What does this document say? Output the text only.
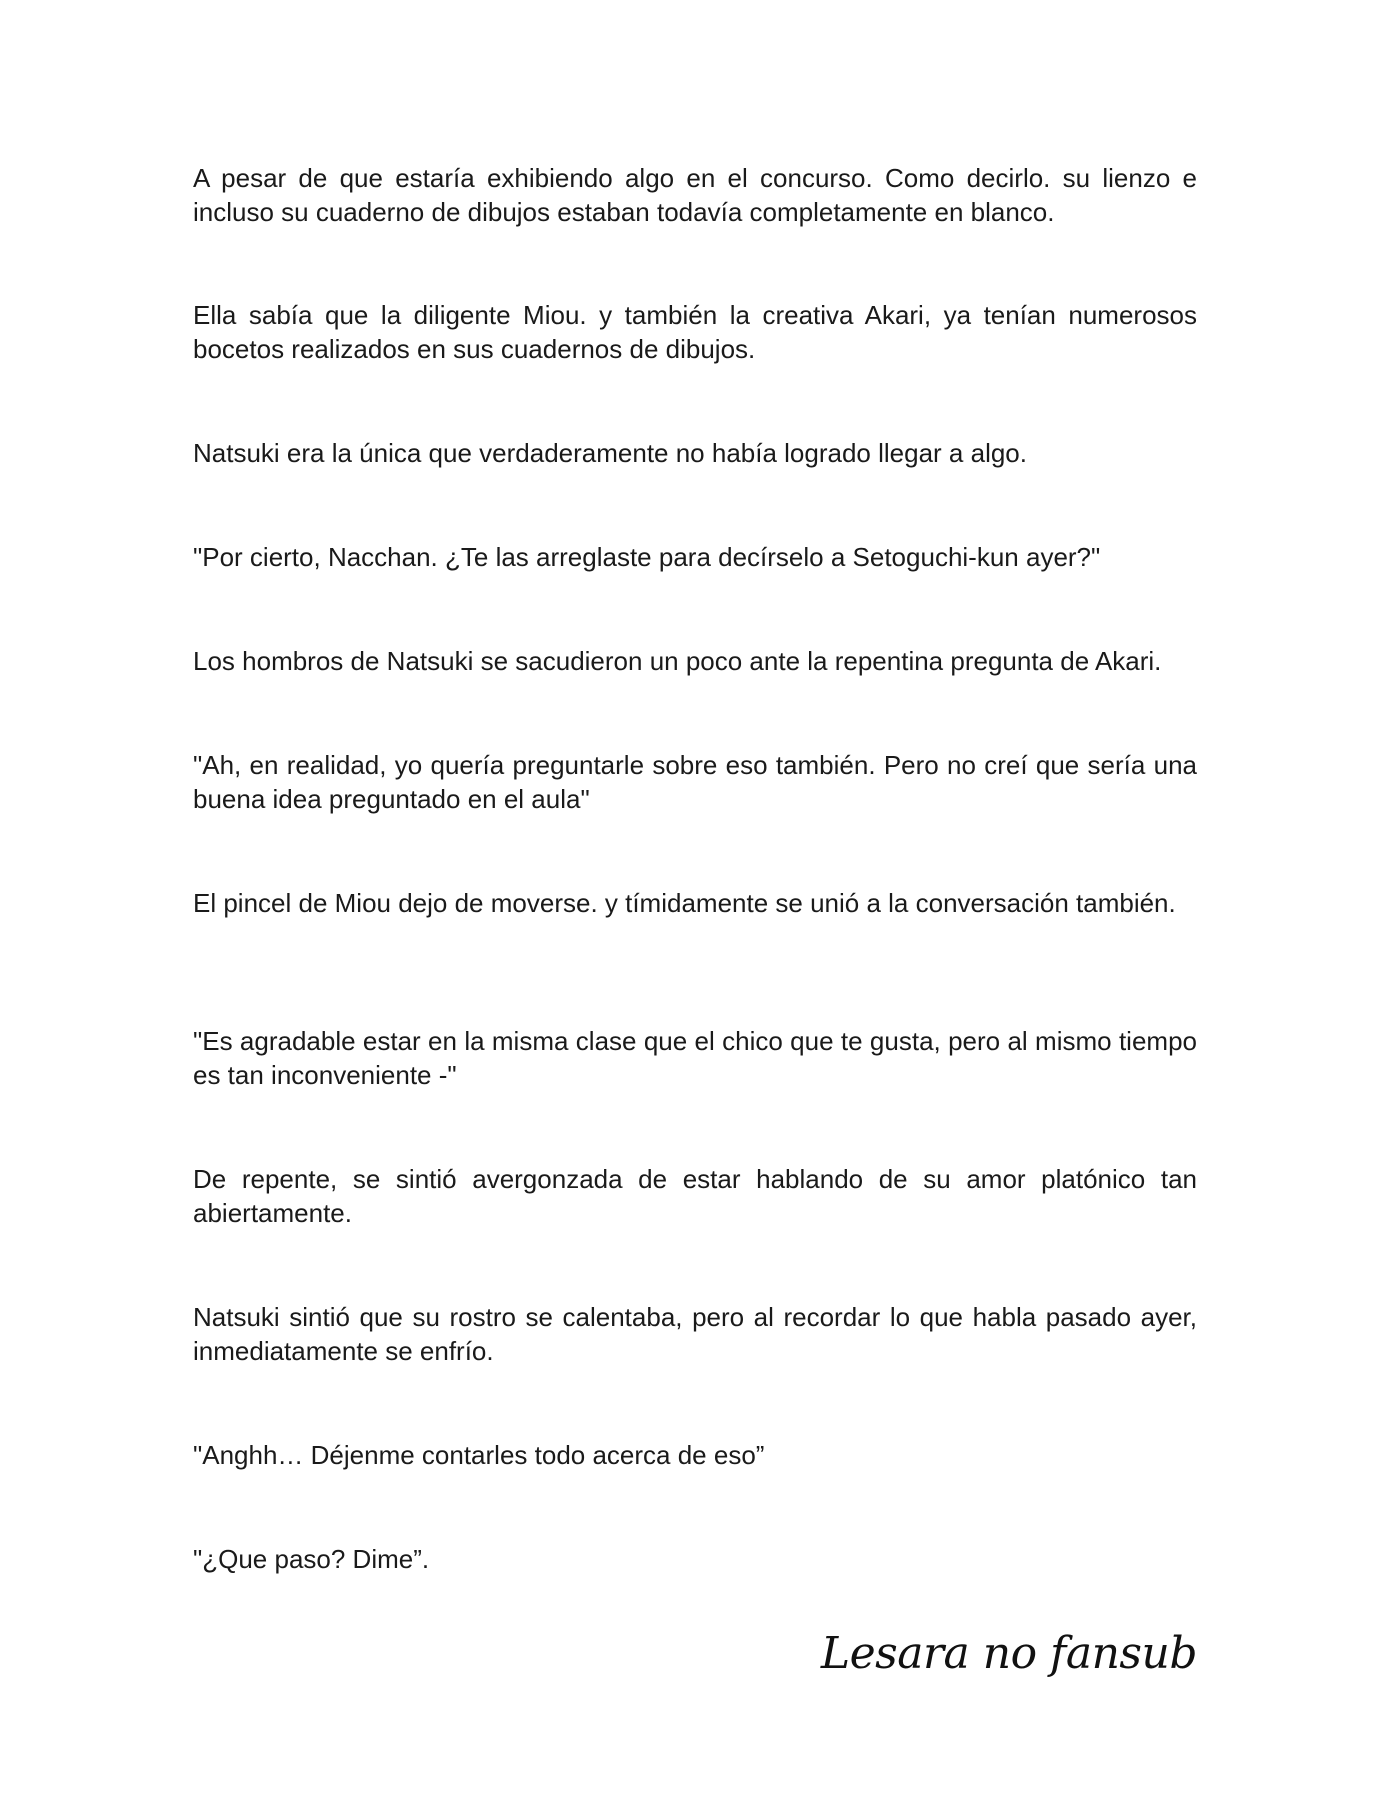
A pesar de que estaría exhibiendo algo en el concurso. Como decirlo. su lienzo e incluso su cuaderno de dibujos estaban todavía completamente en blanco.

Ella sabía que la diligente Miou. y también la creativa Akari, ya tenían numerosos bocetos realizados en sus cuadernos de dibujos.

Natsuki era la única que verdaderamente no había logrado llegar a algo.

"Por cierto, Nacchan. ¿Te las arreglaste para decírselo a Setoguchi-kun ayer?"

Los hombros de Natsuki se sacudieron un poco ante la repentina pregunta de Akari.

"Ah, en realidad, yo quería preguntarle sobre eso también. Pero no creí que sería una buena idea preguntado en el aula"

El pincel de Miou dejo de moverse. y tímidamente se unió a la conversación también.

"Es agradable estar en la misma clase que el chico que te gusta, pero al mismo tiempo es tan inconveniente -"

De repente, se sintió avergonzada de estar hablando de su amor platónico tan abiertamente.

Natsuki sintió que su rostro se calentaba, pero al recordar lo que habla pasado ayer, inmediatamente se enfrío.

"Anghh… Déjenme contarles todo acerca de eso”

"¿Que paso? Dime”.

Lesara no fansub
